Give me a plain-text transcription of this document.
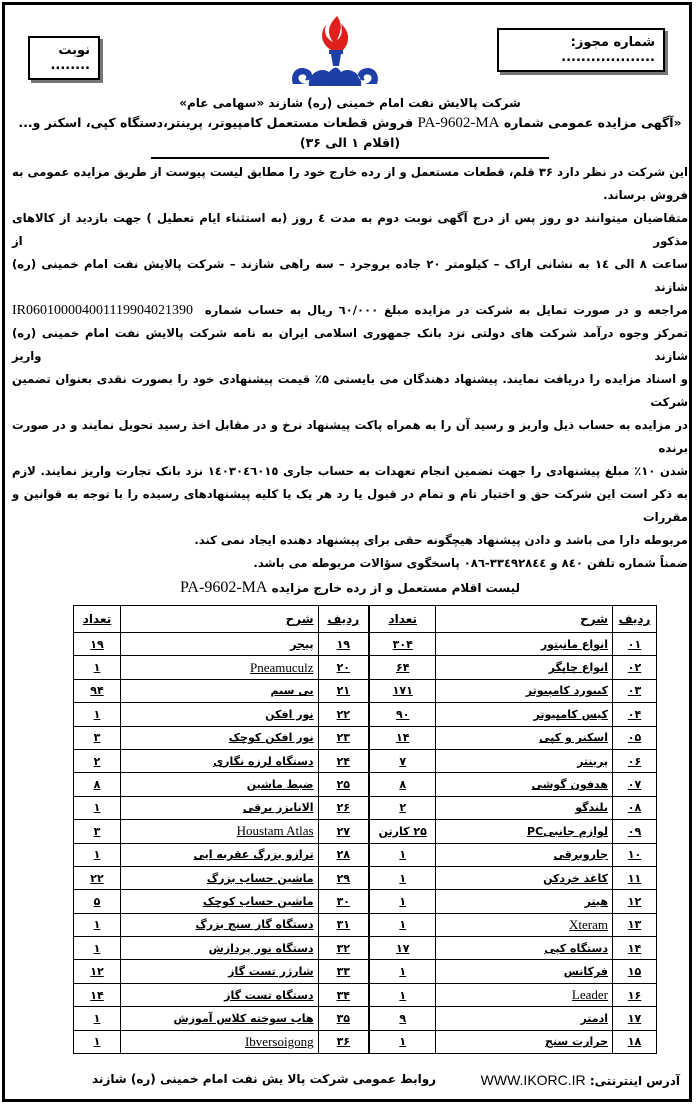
شماره مجوز: ...................
نوبت ........
شرکت پالایش نفت امام خمینی (ره) شازند «سهامی عام»
«آگهی مزایده عمومی شماره PA-9602-MA فروش قطعات مستعمل کامپیوتر، پرینتر،دستگاه کپی، اسکنر و... (اقلام ۱ الی ۳۶)
این شرکت در نظر دارد ۳۶ قلم، قطعات مستعمل و از رده خارج خود را مطابق لیست پیوست از طریق مزایده عمومی به فروش برساند.
متقاضیان میتوانند دو روز پس از درج آگهی نوبت دوم به مدت ٤ روز (به استثناء ایام تعطیل ) جهت بازدید از کالاهای مذکور از
ساعت ۸ الی ١٤ به نشانی اراک – کیلومتر ۲۰ جاده بروجرد – سه راهی شازند – شرکت پالایش نفت امام خمینی (ره) شازند
مراجعه و در صورت تمایل به شرکت در مزایده مبلغ ٦٠/٠٠٠ ریال به حساب شماره  IR060100004001119904021390
تمرکز وجوه درآمد شرکت های دولتی نزد بانک جمهوری اسلامی ایران به نامه شرکت پالایش نفت امام خمینی (ره) شازند واریز
و اسناد مزایده را دریافت نمایند. پیشنهاد دهندگان می بایستی ۵٪ قیمت پیشنهادی خود را بصورت نقدی بعنوان تضمین شرکت
در مزایده به حساب ذیل واریز و رسید آن را به همراه پاکت پیشنهاد نرخ و در مقابل اخذ رسید تحویل نمایند و در صورت برنده
شدن ۱۰٪ مبلغ پیشنهادی را جهت تضمین انجام تعهدات به حساب جاری ١٤٠٣٠٤٦٠١٥ نزد بانک تجارت واریز نمایند. لازم
به ذکر است این شرکت حق و اختیار تام و تمام در قبول یا رد هر یک یا کلیه پیشنهادهای رسیده را با توجه به قوانین و مقررات
مربوطه دارا می باشد و دادن پیشنهاد هیچگونه حقی برای پیشنهاد دهنده ایجاد نمی کند.
ضمناً شماره تلفن ٨٤٠ و ٣٣٤٩٢٨٤٤-٠٨٦ پاسخگوی سؤالات مربوطه می باشد.
لیست اقلام مستعمل و از رده خارج مزایده PA-9602-MA
ردیف	شرح	تعداد	ردیف	شرح	تعداد
۰۱	انواع مانیتور	۳۰۴	۱۹	پیجر	۱۹
۰۲	انواع چاپگر	۶۴	۲۰	Pneamuculz	۱
۰۳	کیبورد کامپیوتر	۱۷۱	۲۱	بی سیم	۹۴
۰۴	کیس کامپیوتر	۹۰	۲۲	نور افکن	۱
۰۵	اسکنر و کپی	۱۴	۲۳	نور افکن کوچک	۳
۰۶	پرینتر	۷	۲۴	دستگاه لرزه نگاری	۲
۰۷	هدفون گوشی	۸	۲۵	ضبط ماشین	۸
۰۸	بلندگو	۲	۲۶	الانایزر برقی	۱
۰۹	لوازم جانبیPC	۲۵ کارتن	۲۷	Houstam Atlas	۳
۱۰	جاروبرقی	۱	۲۸	ترازو بزرگ عقربه ایی	۱
۱۱	کاغذ خردکن	۱	۲۹	ماشین حساب بزرگ	۲۲
۱۲	هیتر	۱	۳۰	ماشین حساب کوچک	۵
۱۳	Xteram	۱	۳۱	دستگاه گاز سنج بزرگ	۱
۱۴	دستگاه کپی	۱۷	۳۲	دستگاه نور پردازش	۱
۱۵	فرکانس	۱	۳۳	شارژر تست گاز	۱۲
۱۶	Leader	۱	۳۴	دستگاه تست گاز	۱۴
۱۷	ادمتر	۹	۳۵	هاب سوخته کلاس آموزش	۱
۱۸	حرارت سنج	۱	۳۶	Ibversoigong	۱
آدرس اینترنتی: WWW.IKORC.IR
روابط عمومی شرکت پالا یش نفت امام خمینی (ره) شازند
